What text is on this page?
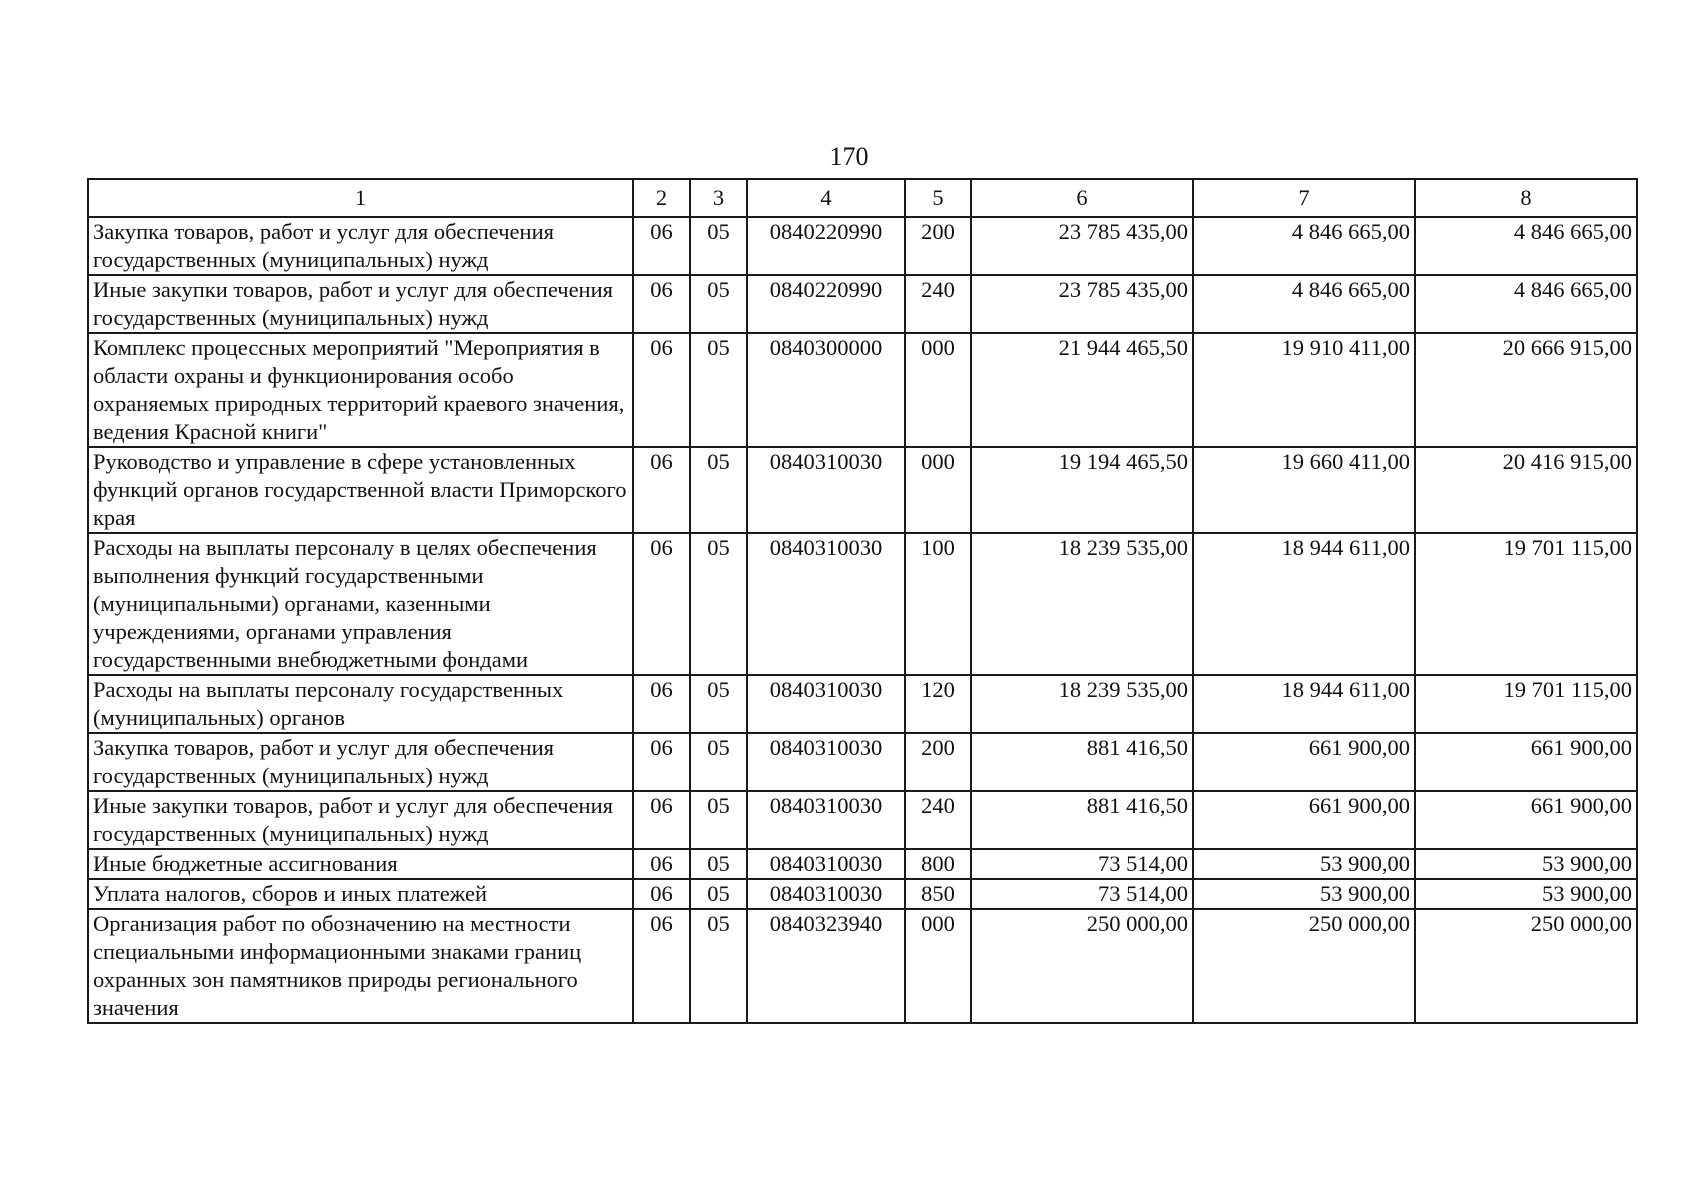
170
1	2	3	4	5	6	7	8
Закупка товаров, работ и услуг для обеспечения государственных (муниципальных) нужд	06	05	0840220990	200	23 785 435,00	4 846 665,00	4 846 665,00
Иные закупки товаров, работ и услуг для обеспечения государственных (муниципальных) нужд	06	05	0840220990	240	23 785 435,00	4 846 665,00	4 846 665,00
Комплекс процессных мероприятий "Мероприятия в области охраны и функционирования особо охраняемых природных территорий краевого значения, ведения Красной книги"	06	05	0840300000	000	21 944 465,50	19 910 411,00	20 666 915,00
Руководство и управление в сфере установленных функций органов государственной власти Приморского края	06	05	0840310030	000	19 194 465,50	19 660 411,00	20 416 915,00
Расходы на выплаты персоналу в целях обеспечения выполнения функций государственными (муниципальными) органами, казенными учреждениями, органами управления государственными внебюджетными фондами	06	05	0840310030	100	18 239 535,00	18 944 611,00	19 701 115,00
Расходы на выплаты персоналу государственных (муниципальных) органов	06	05	0840310030	120	18 239 535,00	18 944 611,00	19 701 115,00
Закупка товаров, работ и услуг для обеспечения государственных (муниципальных) нужд	06	05	0840310030	200	881 416,50	661 900,00	661 900,00
Иные закупки товаров, работ и услуг для обеспечения государственных (муниципальных) нужд	06	05	0840310030	240	881 416,50	661 900,00	661 900,00
Иные бюджетные ассигнования	06	05	0840310030	800	73 514,00	53 900,00	53 900,00
Уплата налогов, сборов и иных платежей	06	05	0840310030	850	73 514,00	53 900,00	53 900,00
Организация работ по обозначению на местности специальными информационными знаками границ охранных зон памятников природы регионального значения	06	05	0840323940	000	250 000,00	250 000,00	250 000,00
